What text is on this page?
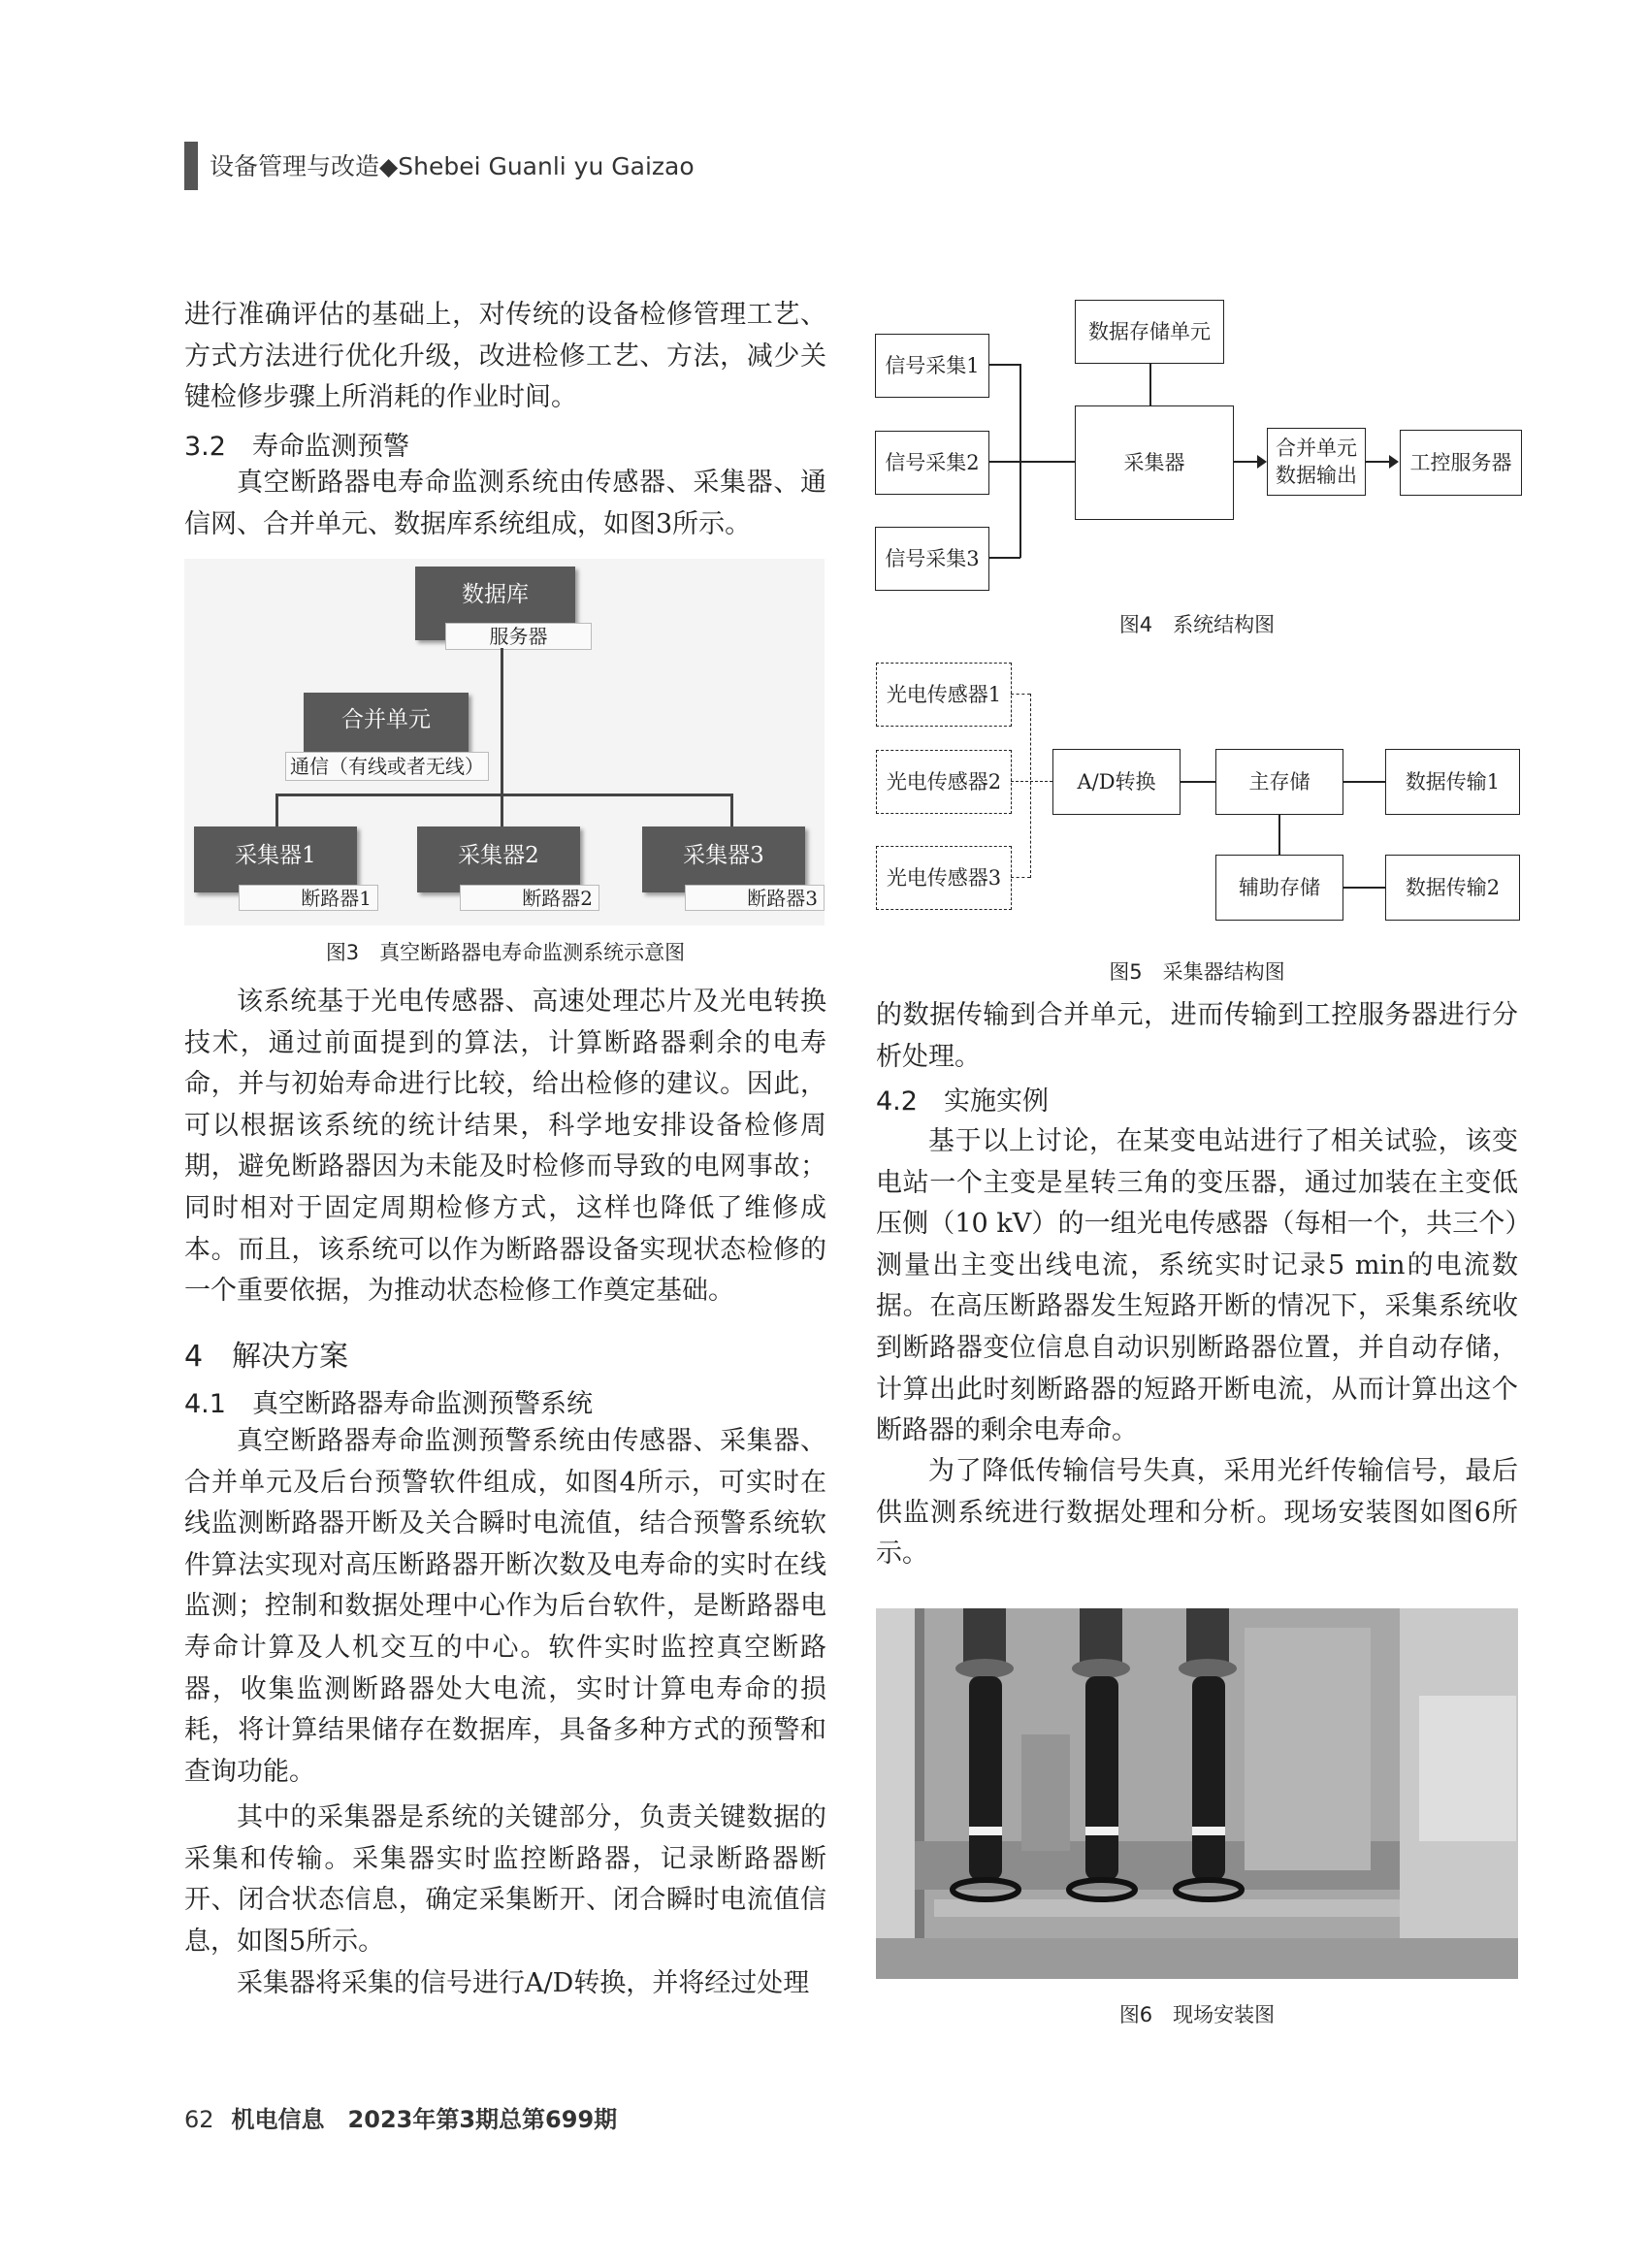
设备管理与改造◆Shebei Guanli yu Gaizao

进行准确评估的基础上，对传统的设备检修管理工艺、方式方法进行优化升级，改进检修工艺、方法，减少关键检修步骤上所消耗的作业时间。

3.2　寿命监测预警

真空断路器电寿命监测系统由传感器、采集器、通信网、合并单元、数据库系统组成，如图3所示。

数据库
服务器
合并单元
通信（有线或者无线）
采集器1
断路器1
采集器2
断路器2
采集器3
断路器3
图3　真空断路器电寿命监测系统示意图

该系统基于光电传感器、高速处理芯片及光电转换技术，通过前面提到的算法，计算断路器剩余的电寿命，并与初始寿命进行比较，给出检修的建议。因此，可以根据该系统的统计结果，科学地安排设备检修周期，避免断路器因为未能及时检修而导致的电网事故；同时相对于固定周期检修方式，这样也降低了维修成本。而且，该系统可以作为断路器设备实现状态检修的一个重要依据，为推动状态检修工作奠定基础。

4　解决方案
4.1　真空断路器寿命监测预警系统

真空断路器寿命监测预警系统由传感器、采集器、合并单元及后台预警软件组成，如图4所示，可实时在线监测断路器开断及关合瞬时电流值，结合预警系统软件算法实现对高压断路器开断次数及电寿命的实时在线监测；控制和数据处理中心作为后台软件，是断路器电寿命计算及人机交互的中心。软件实时监控真空断路器，收集监测断路器处大电流，实时计算电寿命的损耗，将计算结果储存在数据库，具备多种方式的预警和查询功能。

其中的采集器是系统的关键部分，负责关键数据的采集和传输。采集器实时监控断路器，记录断路器断开、闭合状态信息，确定采集断开、闭合瞬时电流值信息，如图5所示。

采集器将采集的信号进行A/D转换，并将经过处理

信号采集1
信号采集2
信号采集3
数据存储单元
采集器
合并单元
数据输出
工控服务器
图4　系统结构图
光电传感器1
光电传感器2
光电传感器3
A/D转换	主存储	数据传输1
辅助存储	数据传输2
图5　采集器结构图

的数据传输到合并单元，进而传输到工控服务器进行分析处理。

4.2　实施实例

基于以上讨论，在某变电站进行了相关试验，该变电站一个主变是星转三角的变压器，通过加装在主变低压侧（10 kV）的一组光电传感器（每相一个，共三个）测量出主变出线电流，系统实时记录5 min的电流数据。在高压断路器发生短路开断的情况下，采集系统收到断路器变位信息自动识别断路器位置，并自动存储，计算出此时刻断路器的短路开断电流，从而计算出这个断路器的剩余电寿命。

为了降低传输信号失真，采用光纤传输信号，最后供监测系统进行数据处理和分析。现场安装图如图6所示。

图6　现场安装图
62 机电信息　2023年第3期总第699期
